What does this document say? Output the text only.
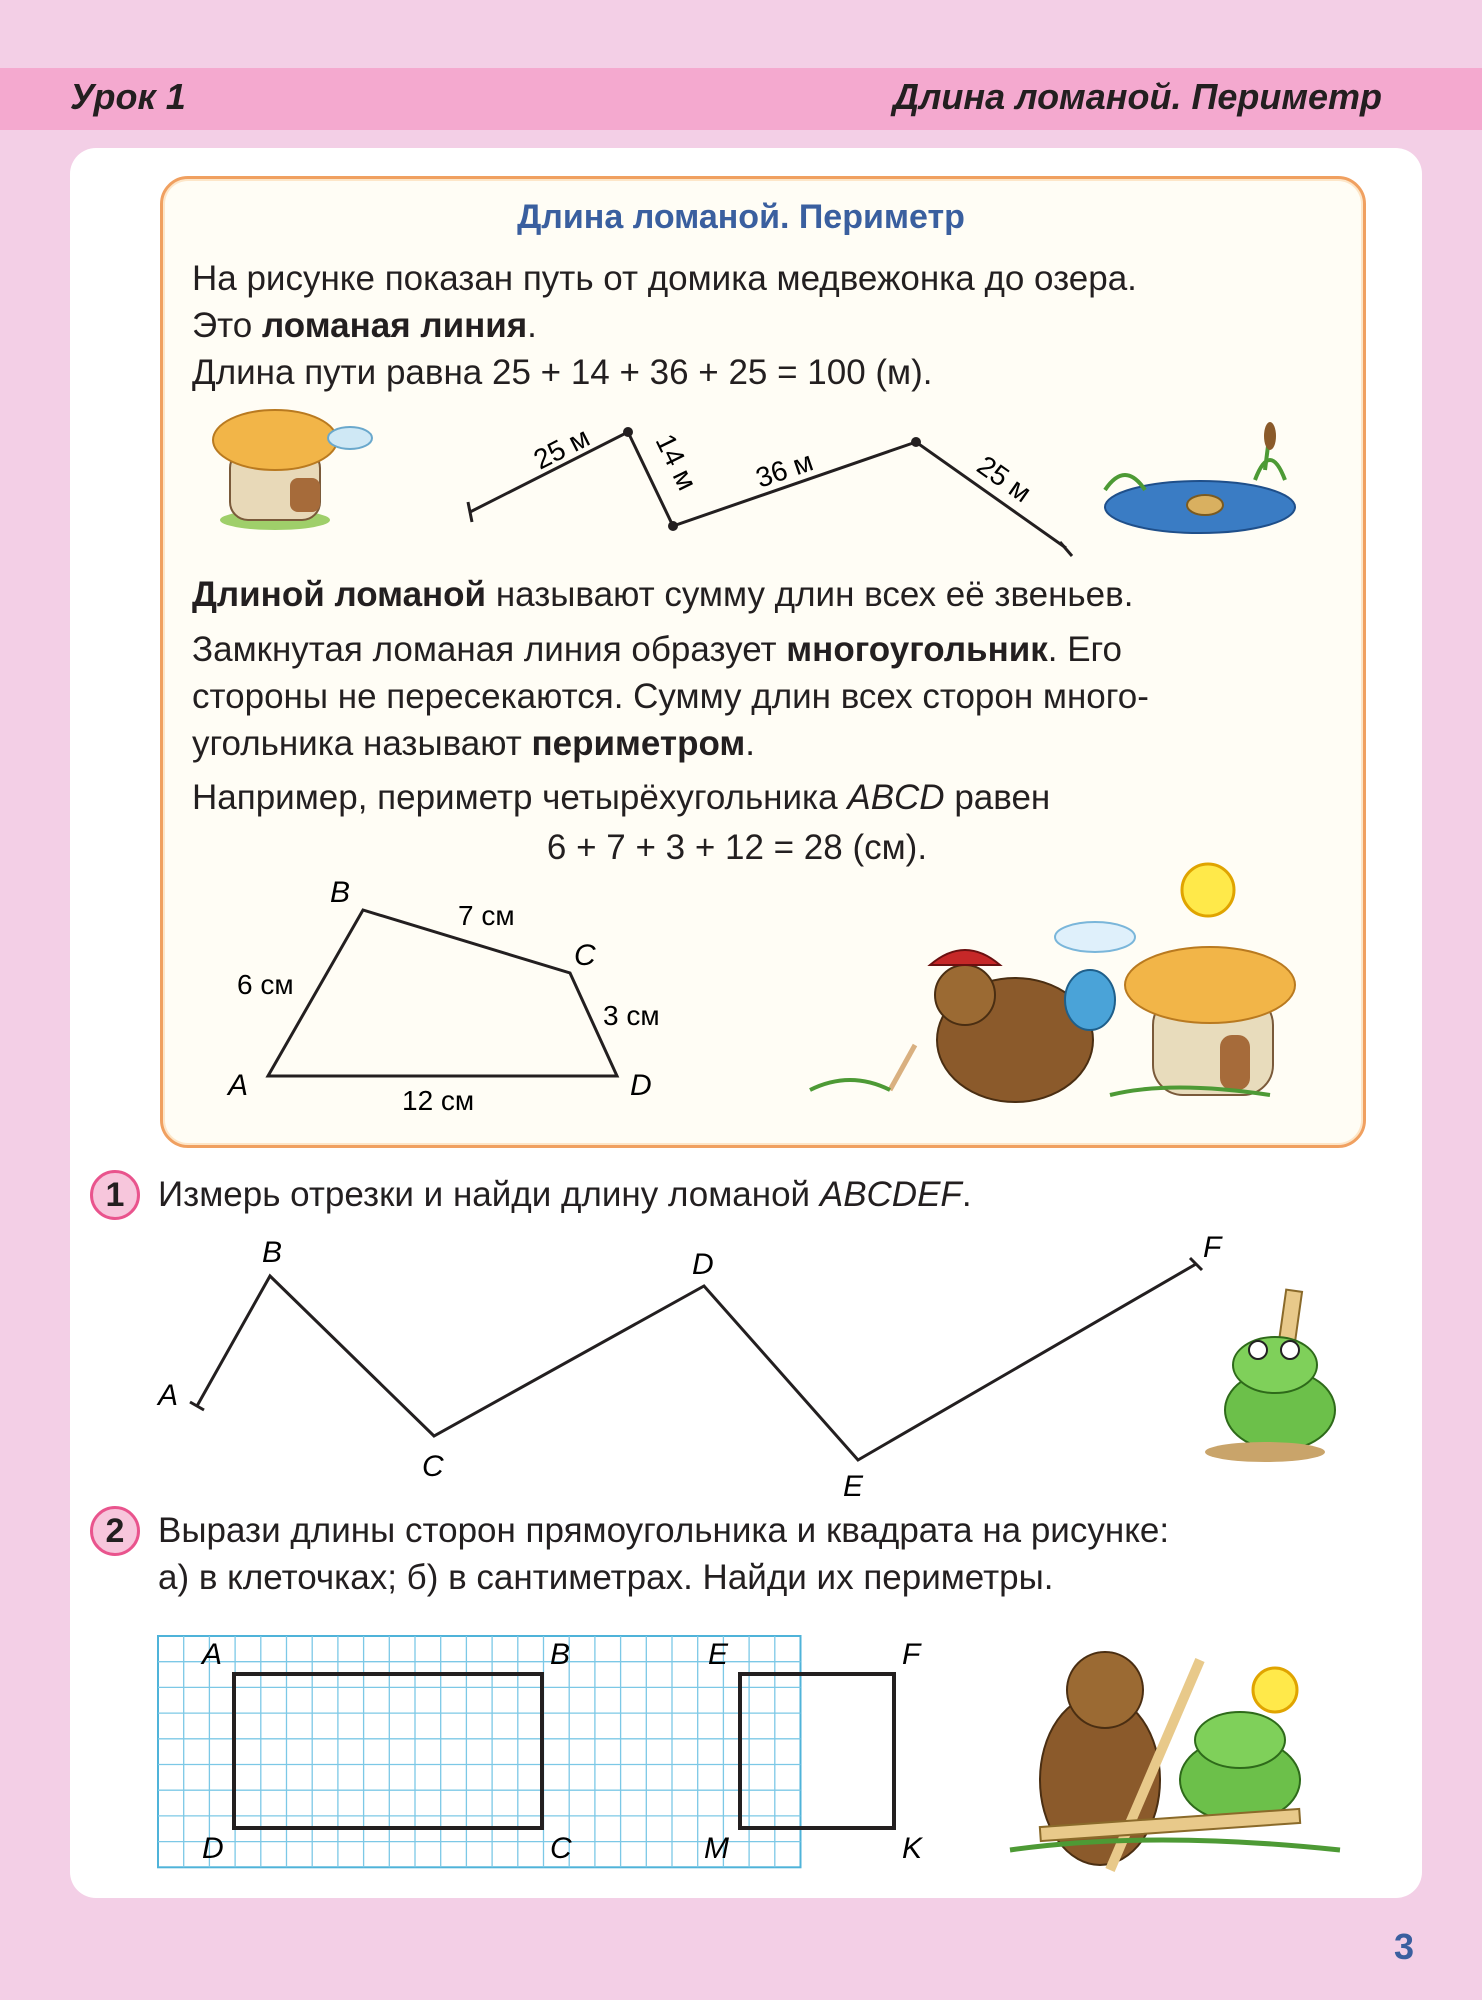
Урок 1	Длина ломаной. Периметр
Длина ломаной. Периметр
На рисунке показан путь от домика медвежонка до озера.
Это ломаная линия.
Длина пути равна 25 + 14 + 36 + 25 = 100 (м).
25 м 14 м 36 м	25 м
B
C
A	D
7 см
6 см
3 см
12 см
A
B
C
D
E
F
A	B
D	C
E	F
M	K
Длиной ломаной называют сумму длин всех её звеньев.
Замкнутая ломаная линия образует многоугольник. Его
стороны не пересекаются. Сумму длин всех сторон много-
угольника называют периметром.
Например, периметр четырёхугольника ABCD равен
6 + 7 + 3 + 12 = 28 (см).
1 Измерь отрезки и найди длину ломаной ABCDEF.
2 Вырази длины сторон прямоугольника и квадрата на рисунке:
а) в клеточках; б) в сантиметрах. Найди их периметры.
3
